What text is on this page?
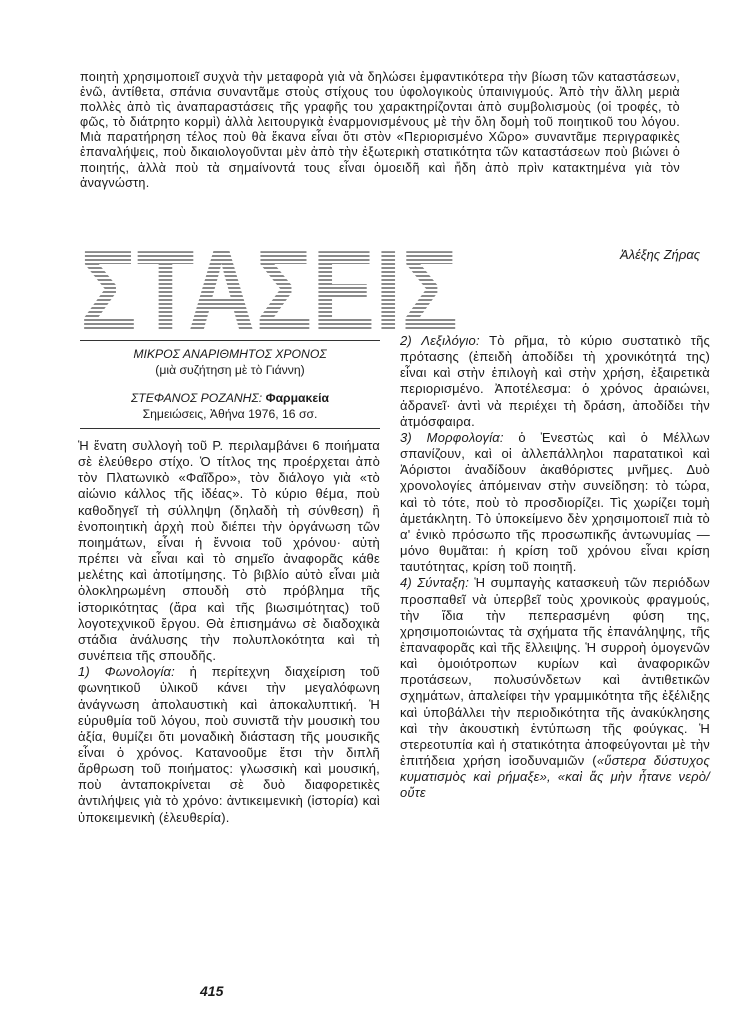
ποιητὴ χρησιμοποιεῖ συχνὰ τὴν μεταφορὰ γιὰ νὰ δηλώσει ἐμφαντικότερα τὴν βίωση τῶν καταστάσεων, ἐνῶ, ἀντίθετα, σπάνια συναντᾶμε στοὺς στίχους του ὑφολογικοὺς ὑπαινιγμούς. Ἀπὸ τὴν ἄλλη μεριὰ πολλὲς ἀπὸ τὶς ἀναπαραστάσεις τῆς γραφῆς του χαρακτηρίζονται ἀπὸ συμβολισμοὺς (οἱ τροφές, τὸ φῶς, τὸ διάτρητο κορμὶ) ἀλλὰ λειτουργικὰ ἐναρμονισμένους μὲ τὴν ὅλη δομὴ τοῦ ποιητικοῦ του λόγου. Μιὰ παρατήρηση τέλος ποὺ θὰ ἔκανα εἶναι ὅτι στὸν «Περιορισμένο Χῶρο» συναντᾶμε περιγραφικὲς ἐπαναλήψεις, ποὺ δικαιολογοῦνται μὲν ἀπὸ τὴν ἐξωτερικὴ στατικότητα τῶν καταστάσεων ποὺ βιώνει ὁ ποιητής, ἀλλὰ ποὺ τὰ σημαίνοντά τους εἶναι ὁμοειδῆ καὶ ἤδη ἀπὸ πρὶν κατακτημένα γιὰ τὸν ἀναγνώστη.
Ἀλέξης Ζήρας
ΣΤΑΣΕΙΣ
ΜΙΚΡΟΣ ΑΝΑΡΙΘΜΗΤΟΣ ΧΡΟΝΟΣ
(μιὰ συζήτηση μὲ τὸ Γιάννη)
ΣΤΕΦΑΝΟΣ ΡΟΖΑΝΗΣ: Φαρμακεία
Σημειώσεις, Ἀθήνα 1976, 16 σσ.

Ἡ ἔνατη συλλογὴ τοῦ Ρ. περιλαμβάνει 6 ποιήματα σὲ ἐλεύθερο στίχο. Ὁ τίτλος της προέρχεται ἀπὸ τὸν Πλατωνικὸ «Φαῖδρο», τὸν διάλογο γιὰ «τὸ αἰώνιο κάλλος τῆς ἰδέας». Τὸ κύριο θέμα, ποὺ καθοδηγεῖ τὴ σύλληψη (δηλαδὴ τὴ σύνθεση) ἢ ἐνοποιητικὴ ἀρχὴ ποὺ διέπει τὴν ὀργάνωση τῶν ποιημάτων, εἶναι ἡ ἔννοια τοῦ χρόνου· αὐτὴ πρέπει νὰ εἶναι καὶ τὸ σημεῖο ἀναφορᾶς κάθε μελέτης καὶ ἀποτίμησης. Τὸ βιβλίο αὐτὸ εἶναι μιὰ ὁλοκληρωμένη σπουδὴ στὸ πρόβλημα τῆς ἱστορικότητας (ἄρα καὶ τῆς βιωσιμότητας) τοῦ λογοτεχνικοῦ ἔργου. Θὰ ἐπισημάνω σὲ διαδοχικὰ στάδια ἀνάλυσης τὴν πολυπλοκότητα καὶ τὴ συνέπεια τῆς σπουδῆς.

1) Φωνολογία: ἡ περίτεχνη διαχείριση τοῦ φωνητικοῦ ὑλικοῦ κάνει τὴν μεγαλόφωνη ἀνάγνωση ἀπολαυστικὴ καὶ ἀποκαλυπτική. Ἡ εὐρυθμία τοῦ λόγου, ποὺ συνιστᾶ τὴν μουσικὴ του ἀξία, θυμίζει ὅτι μοναδικὴ διάσταση τῆς μουσικῆς εἶναι ὁ χρόνος. Κατανοοῦμε ἔτσι τὴν διπλῆ ἄρθρωση τοῦ ποιήματος: γλωσσικὴ καὶ μουσική, ποὺ ἀνταποκρίνεται σὲ δυὸ διαφορετικὲς ἀντιλήψεις γιὰ τὸ χρόνο: ἀντικειμενικὴ (ἱστορία) καὶ ὑποκειμενικὴ (ἐλευθερία).

2) Λεξιλόγιο: Τὸ ρῆμα, τὸ κύριο συστατικὸ τῆς πρότασης (ἐπειδὴ ἀποδίδει τὴ χρονικότητά της) εἶναι καὶ στὴν ἐπιλογὴ καὶ στὴν χρήση, ἐξαιρετικὰ περιορισμένο. Ἀποτέλεσμα: ὁ χρόνος ἀραιώνει, ἀδρανεῖ· ἀντὶ νὰ περιέχει τὴ δράση, ἀποδίδει τὴν ἀτμόσφαιρα.

3) Μορφολογία: ὁ Ἐνεστὼς καὶ ὁ Μέλλων σπανίζουν, καὶ οἱ ἀλλεπάλληλοι παρατατικοὶ καὶ Ἀόριστοι ἀναδίδουν ἀκαθόριστες μνῆμες. Δυὸ χρονολογίες ἀπόμειναν στὴν συνείδηση: τὸ τώρα, καὶ τὸ τότε, ποὺ τὸ προσδιορίζει. Τὶς χωρίζει τομὴ ἀμετάκλητη. Τὸ ὑποκείμενο δὲν χρησιμοποιεῖ πιὰ τὸ α' ἑνικὸ πρόσωπο τῆς προσωπικῆς ἀντωνυμίας —μόνο θυμᾶται: ἡ κρίση τοῦ χρόνου εἶναι κρίση ταυτότητας, κρίση τοῦ ποιητῆ.

4) Σύνταξη: Ἡ συμπαγὴς κατασκευὴ τῶν περιόδων προσπαθεῖ νὰ ὑπερβεῖ τοὺς χρονικοὺς φραγμούς, τὴν ἴδια τὴν πεπερασμένη φύση της, χρησιμοποιώντας τὰ σχήματα τῆς ἐπανάληψης, τῆς ἐπαναφορᾶς καὶ τῆς ἔλλειψης. Ἡ συρροὴ ὁμογενῶν καὶ ὁμοιότροπων κυρίων καὶ ἀναφορικῶν προτάσεων, πολυσύνδετων καὶ ἀντιθετικῶν σχημάτων, ἀπαλείφει τὴν γραμμικότητα τῆς ἐξέλιξης καὶ ὑποβάλλει τὴν περιοδικότητα τῆς ἀνακύκλησης καὶ τὴν ἀκουστικὴ ἐντύπωση τῆς φούγκας. Ἡ στερεοτυπία καὶ ἡ στατικότητα ἀποφεύγονται μὲ τὴν ἐπιτήδεια χρήση ἰσοδυναμιῶν («ὕστερα δύστυχος κυματισμὸς καὶ ρήμαξε», «καὶ ἄς μὴν ἦτανε νερὸ/οὔτε

415
